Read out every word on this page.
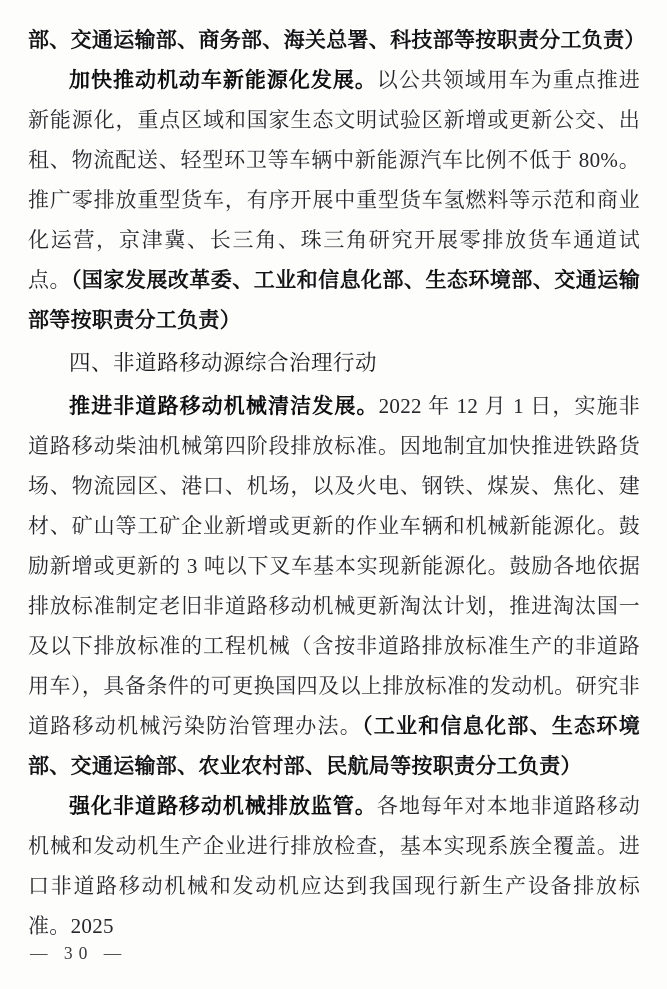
部、交通运输部、商务部、海关总署、科技部等按职责分工负责）

加快推动机动车新能源化发展。以公共领域用车为重点推进新能源化，重点区域和国家生态文明试验区新增或更新公交、出租、物流配送、轻型环卫等车辆中新能源汽车比例不低于 80%。推广零排放重型货车，有序开展中重型货车氢燃料等示范和商业化运营，京津冀、长三角、珠三角研究开展零排放货车通道试点。（国家发展改革委、工业和信息化部、生态环境部、交通运输部等按职责分工负责）

四、非道路移动源综合治理行动

推进非道路移动机械清洁发展。2022 年 12 月 1 日，实施非道路移动柴油机械第四阶段排放标准。因地制宜加快推进铁路货场、物流园区、港口、机场，以及火电、钢铁、煤炭、焦化、建材、矿山等工矿企业新增或更新的作业车辆和机械新能源化。鼓励新增或更新的 3 吨以下叉车基本实现新能源化。鼓励各地依据排放标准制定老旧非道路移动机械更新淘汰计划，推进淘汰国一及以下排放标准的工程机械（含按非道路排放标准生产的非道路用车），具备条件的可更换国四及以上排放标准的发动机。研究非道路移动机械污染防治管理办法。（工业和信息化部、生态环境部、交通运输部、农业农村部、民航局等按职责分工负责）

强化非道路移动机械排放监管。各地每年对本地非道路移动机械和发动机生产企业进行排放检查，基本实现系族全覆盖。进口非道路移动机械和发动机应达到我国现行新生产设备排放标准。2025

— 30 —
